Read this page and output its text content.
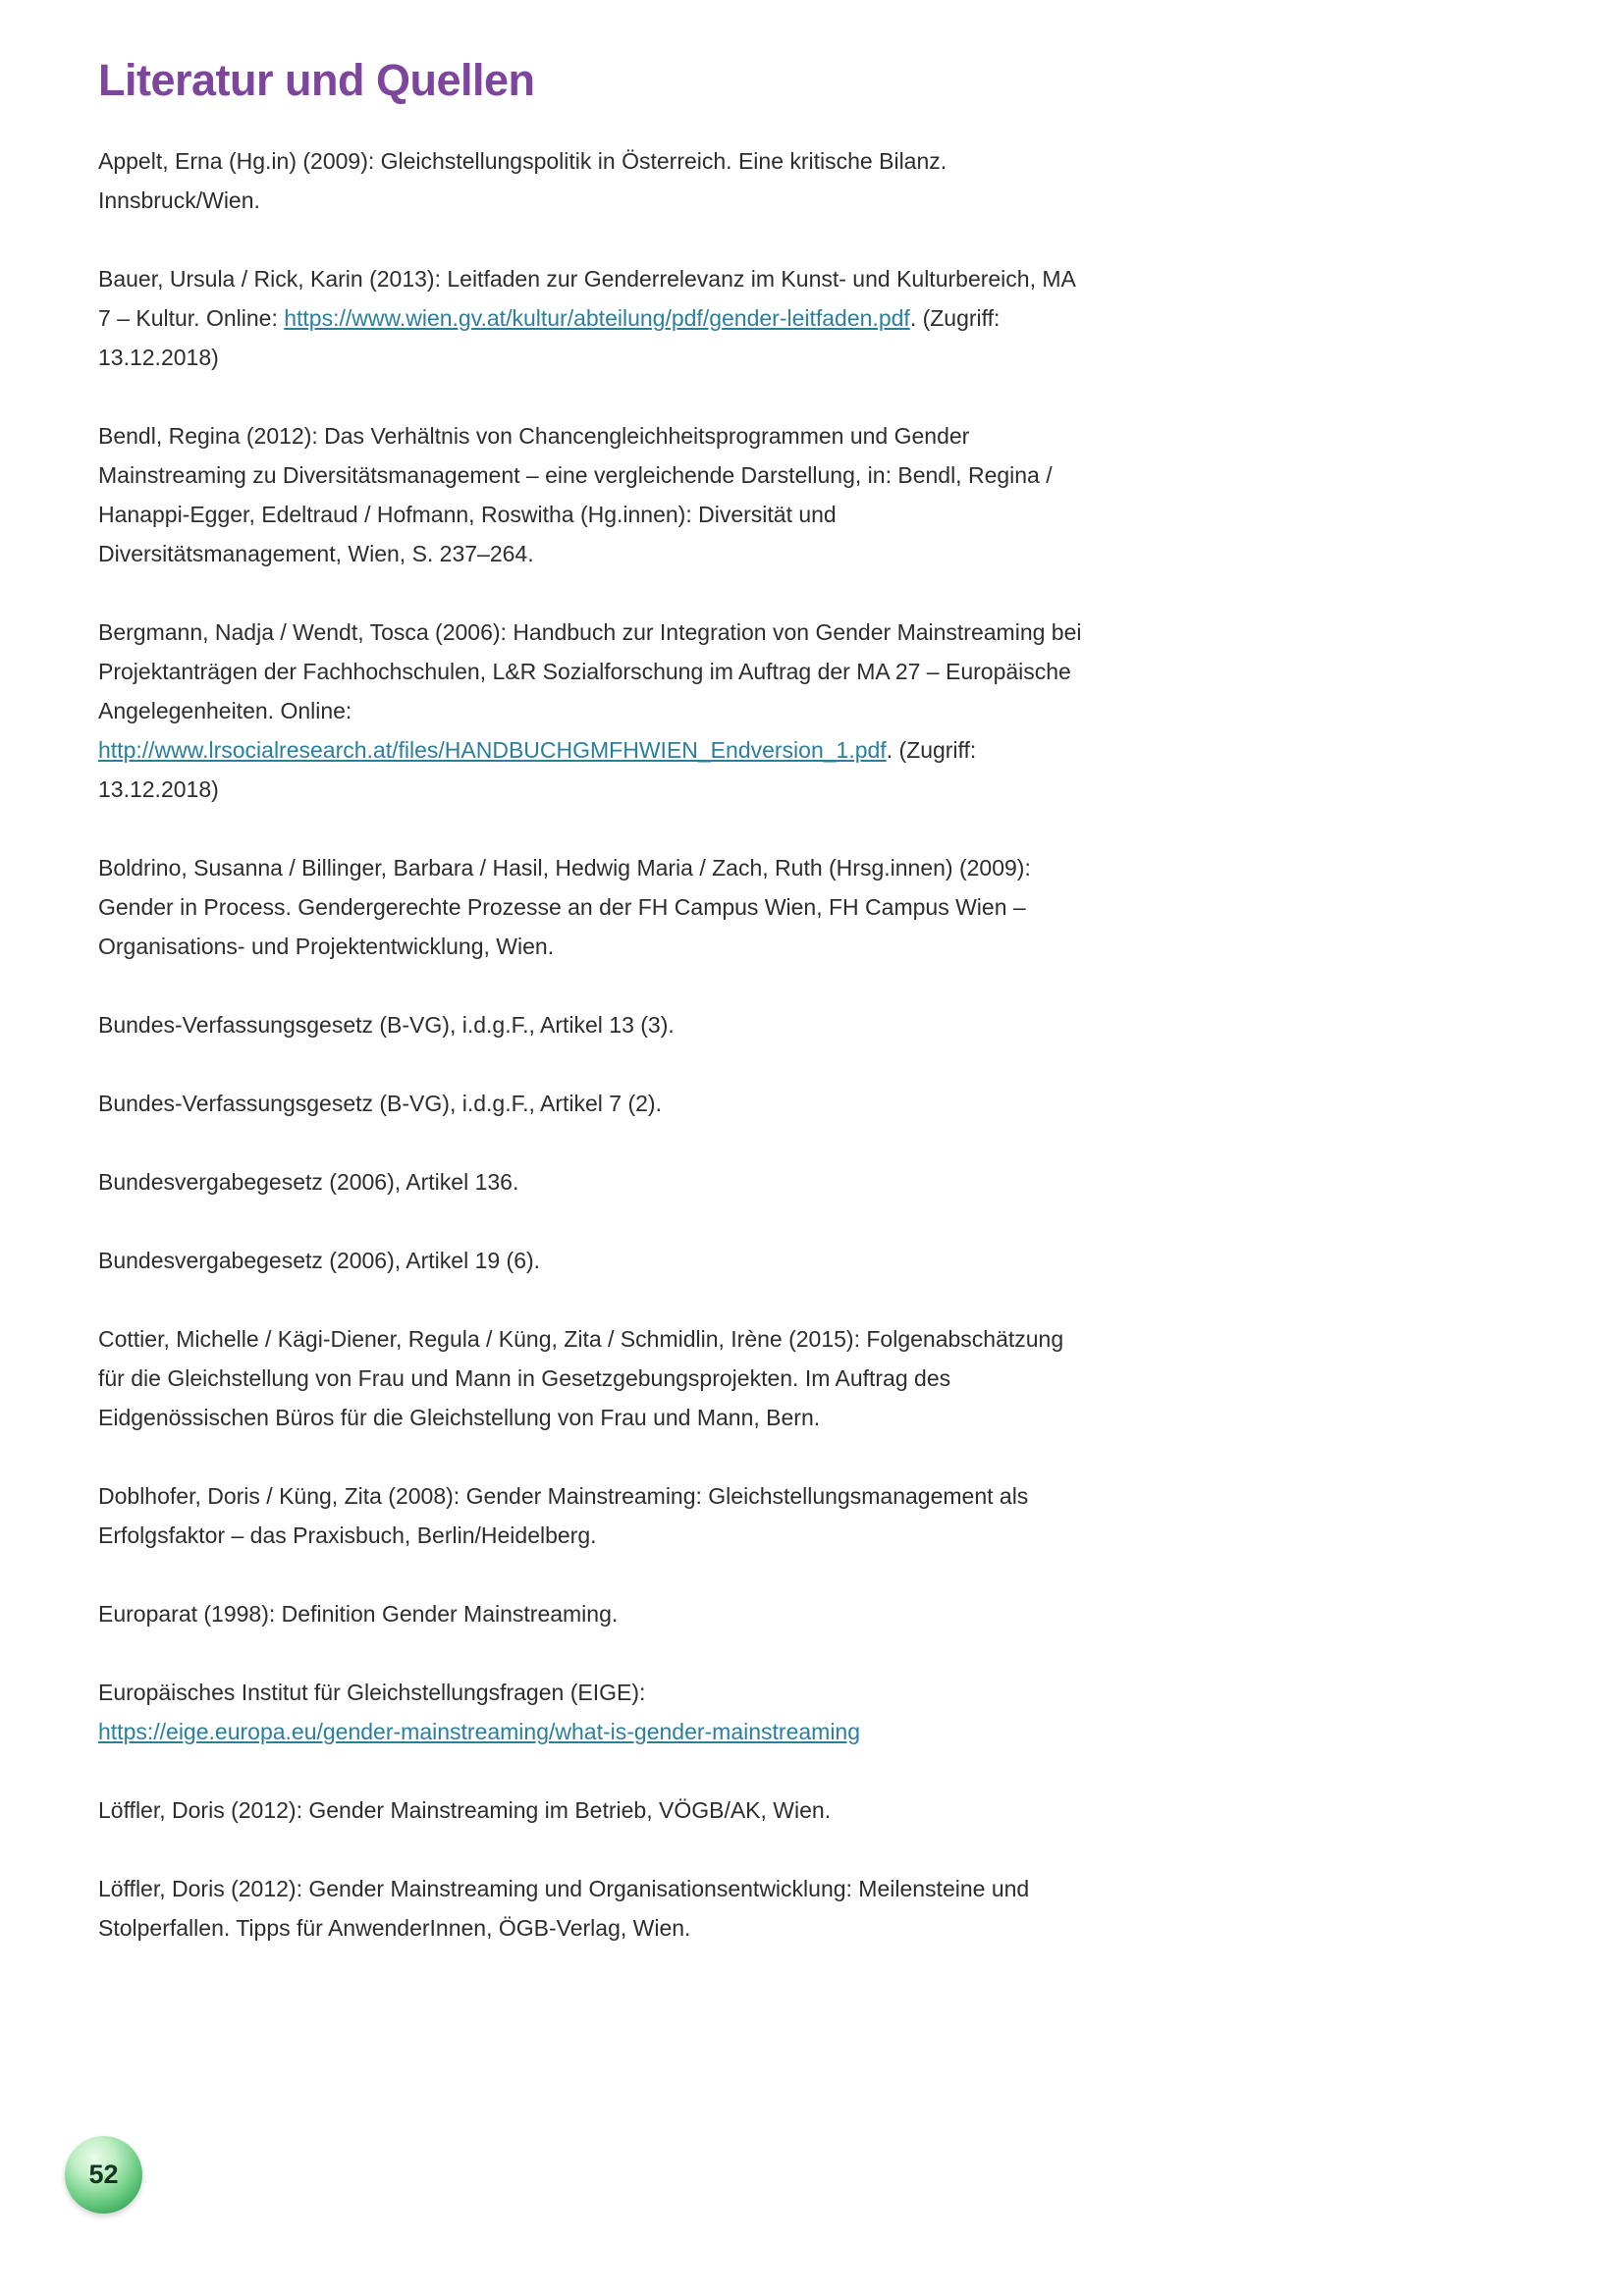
Literatur und Quellen

Appelt, Erna (Hg.in) (2009): Gleichstellungspolitik in Österreich. Eine kritische Bilanz. Innsbruck/Wien.

Bauer, Ursula / Rick, Karin (2013): Leitfaden zur Genderrelevanz im Kunst- und Kulturbereich, MA 7 – Kultur. Online: https://www.wien.gv.at/kultur/abteilung/pdf/gender-leitfaden.pdf. (Zugriff: 13.12.2018)

Bendl, Regina (2012): Das Verhältnis von Chancengleichheitsprogrammen und Gender Mainstreaming zu Diversitätsmanagement – eine vergleichende Darstellung, in: Bendl, Regina / Hanappi-Egger, Edeltraud / Hofmann, Roswitha (Hg.innen): Diversität und Diversitätsmanagement, Wien, S. 237–264.

Bergmann, Nadja / Wendt, Tosca (2006): Handbuch zur Integration von Gender Mainstreaming bei Projektanträgen der Fachhochschulen, L&R Sozialforschung im Auftrag der MA 27 – Europäische Angelegenheiten. Online: http://www.lrsocialresearch.at/files/HANDBUCHGMFHWIEN_Endversion_1.pdf. (Zugriff: 13.12.2018)

Boldrino, Susanna / Billinger, Barbara / Hasil, Hedwig Maria / Zach, Ruth (Hrsg.innen) (2009): Gender in Process. Gendergerechte Prozesse an der FH Campus Wien, FH Campus Wien – Organisations- und Projektentwicklung, Wien.

Bundes-Verfassungsgesetz (B-VG), i.d.g.F., Artikel 13 (3).

Bundes-Verfassungsgesetz (B-VG), i.d.g.F., Artikel 7 (2).

Bundesvergabegesetz (2006), Artikel 136.

Bundesvergabegesetz (2006), Artikel 19 (6).

Cottier, Michelle / Kägi-Diener, Regula / Küng, Zita / Schmidlin, Irène (2015): Folgenabschätzung für die Gleichstellung von Frau und Mann in Gesetzgebungsprojekten. Im Auftrag des Eidgenössischen Büros für die Gleichstellung von Frau und Mann, Bern.

Doblhofer, Doris / Küng, Zita (2008): Gender Mainstreaming: Gleichstellungsmanagement als Erfolgsfaktor – das Praxisbuch, Berlin/Heidelberg.

Europarat (1998): Definition Gender Mainstreaming.

Europäisches Institut für Gleichstellungsfragen (EIGE):
https://eige.europa.eu/gender-mainstreaming/what-is-gender-mainstreaming

Löffler, Doris (2012): Gender Mainstreaming im Betrieb, VÖGB/AK, Wien.

Löffler, Doris (2012): Gender Mainstreaming und Organisationsentwicklung: Meilensteine und Stolperfallen. Tipps für AnwenderInnen, ÖGB-Verlag, Wien.

52
